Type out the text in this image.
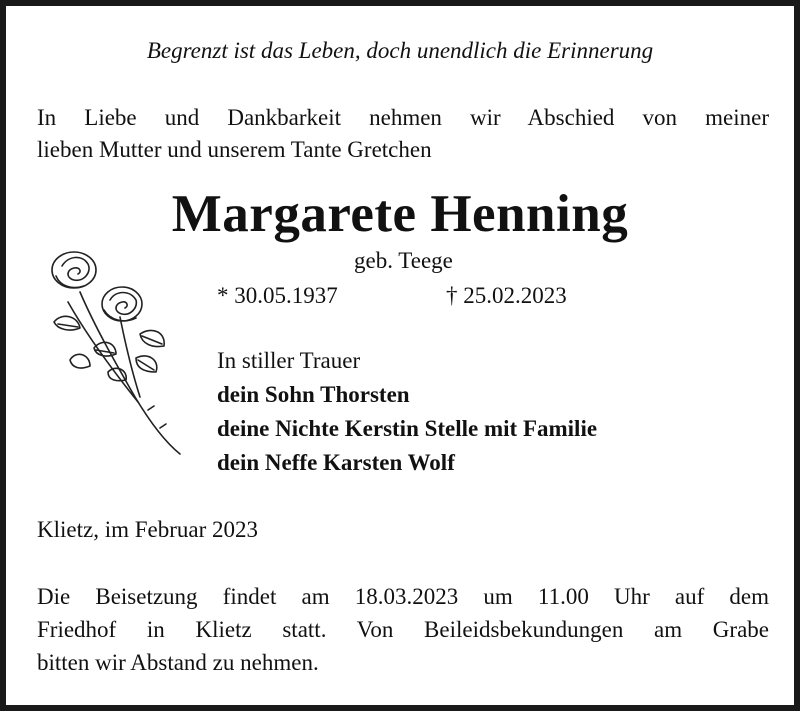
Begrenzt ist das Leben, doch unendlich die Erinnerung
In Liebe und Dankbarkeit nehmen wir Abschied von meiner
lieben Mutter und unserem Tante Gretchen
Margarete Henning
geb. Teege
* 30.05.1937	† 25.02.2023
In stiller Trauer
dein Sohn Thorsten
deine Nichte Kerstin Stelle mit Familie
dein Neffe Karsten Wolf
Klietz, im Februar 2023
Die Beisetzung findet am 18.03.2023 um 11.00 Uhr auf dem
Friedhof in Klietz statt. Von Beileidsbekundungen am Grabe
bitten wir Abstand zu nehmen.
